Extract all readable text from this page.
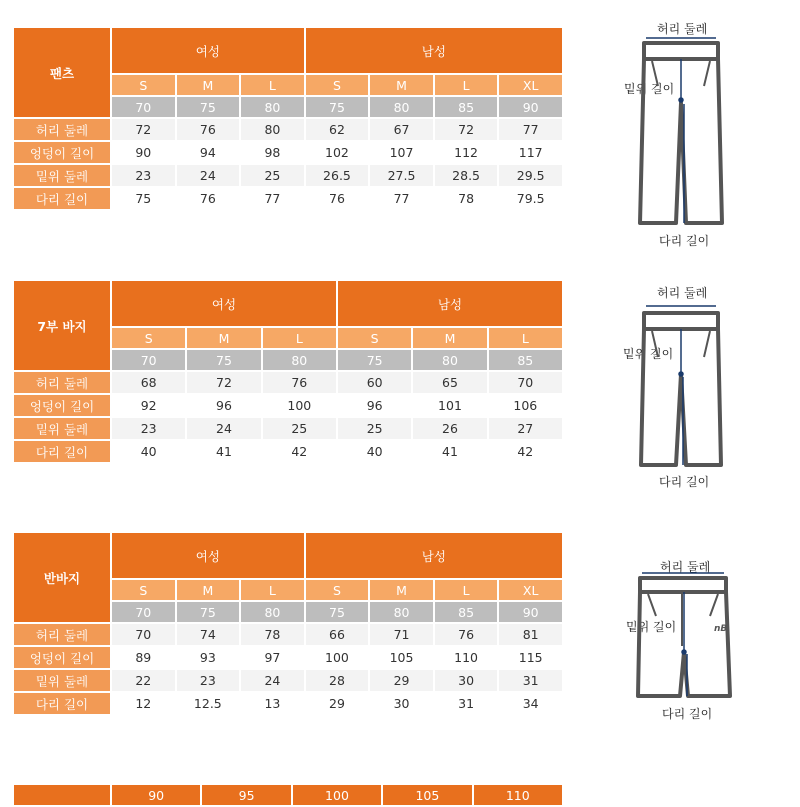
팬츠	여성			남성			
	S	M	L	S	M	L	XL
	70	75	80	75	80	85	90
허리 둘레	72	76	80	62	67	72	77
엉덩이 길이	90	94	98	102	107	112	117
밑위 둘레	23	24	25	26.5	27.5	28.5	29.5
다리 길이	75	76	77	76	77	78	79.5
허리 둘레
밑위 길이
다리 길이
7부 바지	여성			남성		
	S	M	L	S	M	L
	70	75	80	75	80	85
허리 둘레	68	72	76	60	65	70
엉덩이 길이	92	96	100	96	101	106
밑위 둘레	23	24	25	25	26	27
다리 길이	40	41	42	40	41	42
허리 둘레
밑위 길이
다리 길이
반바지	여성			남성			
	S	M	L	S	M	L	XL
	70	75	80	75	80	85	90
허리 둘레	70	74	78	66	71	76	81
엉덩이 길이	89	93	97	100	105	110	115
밑위 둘레	22	23	24	28	29	30	31
다리 길이	12	12.5	13	29	30	31	34
허리 둘레
밑위 길이
다리 길이
nB
	90	95	100	105	110
